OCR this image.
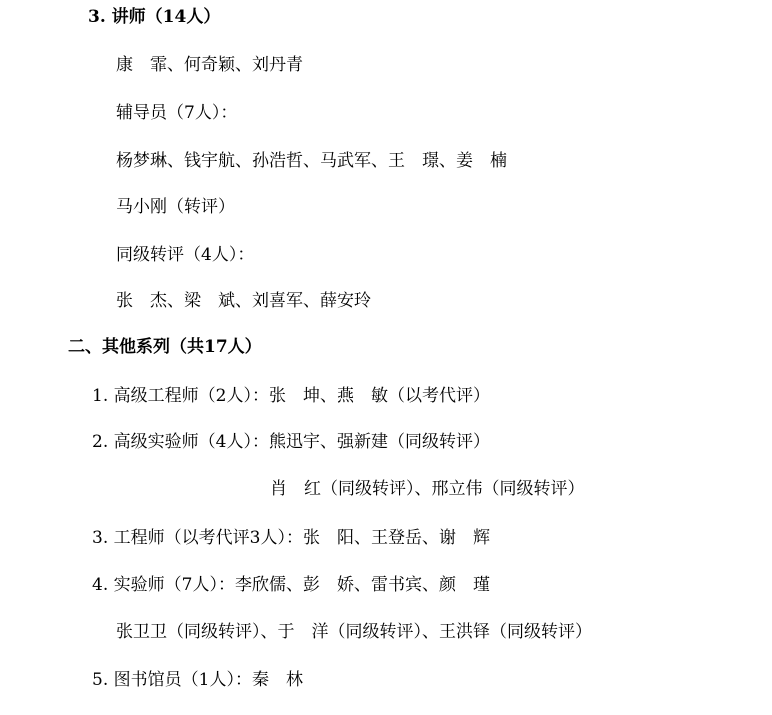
3. 讲师（14人）
康　霏、何奇颖、刘丹青
辅导员（7人）：
杨梦琳、钱宇航、孙浩哲、马武军、王　璟、姜　楠
马小刚（转评）
同级转评（4人）：
张　杰、梁　斌、刘喜军、薛安玲
二、其他系列（共17人）
1. 高级工程师（2人）：张　坤、燕　敏（以考代评）
2. 高级实验师（4人）：熊迅宇、强新建（同级转评）
肖　红（同级转评）、邢立伟（同级转评）
3. 工程师（以考代评3人）：张　阳、王登岳、谢　辉
4. 实验师（7人）：李欣儒、彭　娇、雷书宾、颜　瑾
张卫卫（同级转评）、于　洋（同级转评）、王洪铎（同级转评）
5. 图书馆员（1人）：秦　林
